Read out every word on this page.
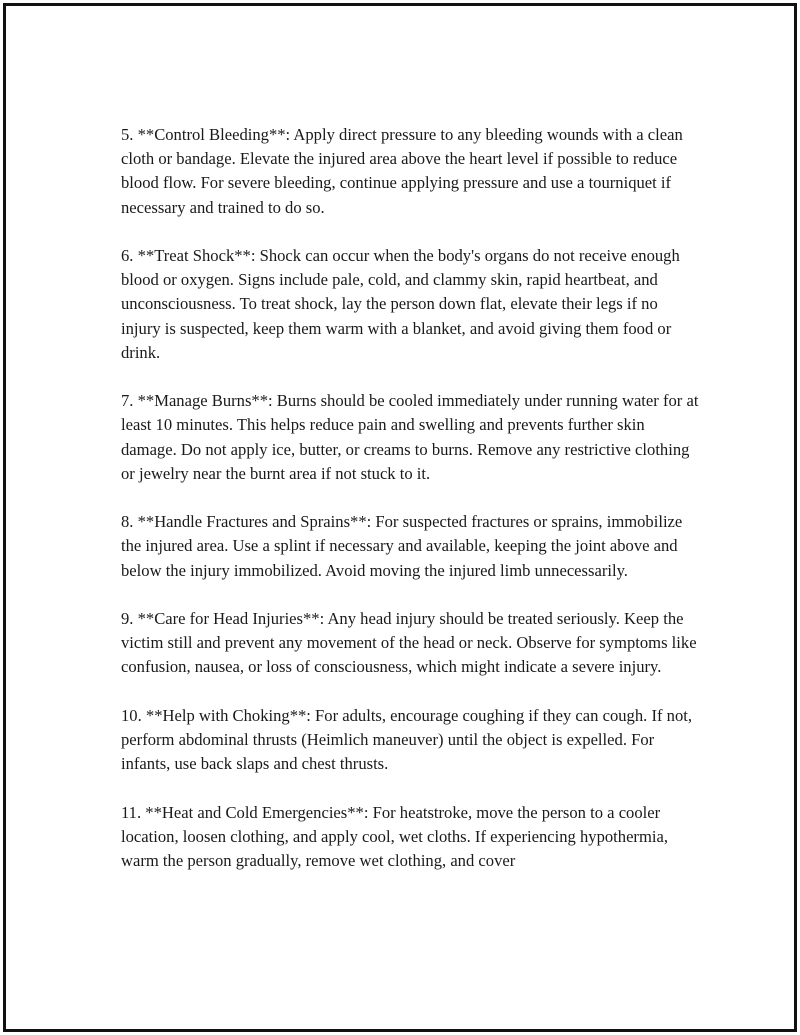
5. **Control Bleeding**: Apply direct pressure to any bleeding wounds with a clean cloth or bandage. Elevate the injured area above the heart level if possible to reduce blood flow. For severe bleeding, continue applying pressure and use a tourniquet if necessary and trained to do so.

6. **Treat Shock**: Shock can occur when the body's organs do not receive enough blood or oxygen. Signs include pale, cold, and clammy skin, rapid heartbeat, and unconsciousness. To treat shock, lay the person down flat, elevate their legs if no injury is suspected, keep them warm with a blanket, and avoid giving them food or drink.

7. **Manage Burns**: Burns should be cooled immediately under running water for at least 10 minutes. This helps reduce pain and swelling and prevents further skin damage. Do not apply ice, butter, or creams to burns. Remove any restrictive clothing or jewelry near the burnt area if not stuck to it.

8. **Handle Fractures and Sprains**: For suspected fractures or sprains, immobilize the injured area. Use a splint if necessary and available, keeping the joint above and below the injury immobilized. Avoid moving the injured limb unnecessarily.

9. **Care for Head Injuries**: Any head injury should be treated seriously. Keep the victim still and prevent any movement of the head or neck. Observe for symptoms like confusion, nausea, or loss of consciousness, which might indicate a severe injury.

10. **Help with Choking**: For adults, encourage coughing if they can cough. If not, perform abdominal thrusts (Heimlich maneuver) until the object is expelled. For infants, use back slaps and chest thrusts.

11. **Heat and Cold Emergencies**: For heatstroke, move the person to a cooler location, loosen clothing, and apply cool, wet cloths. If experiencing hypothermia, warm the person gradually, remove wet clothing, and cover
